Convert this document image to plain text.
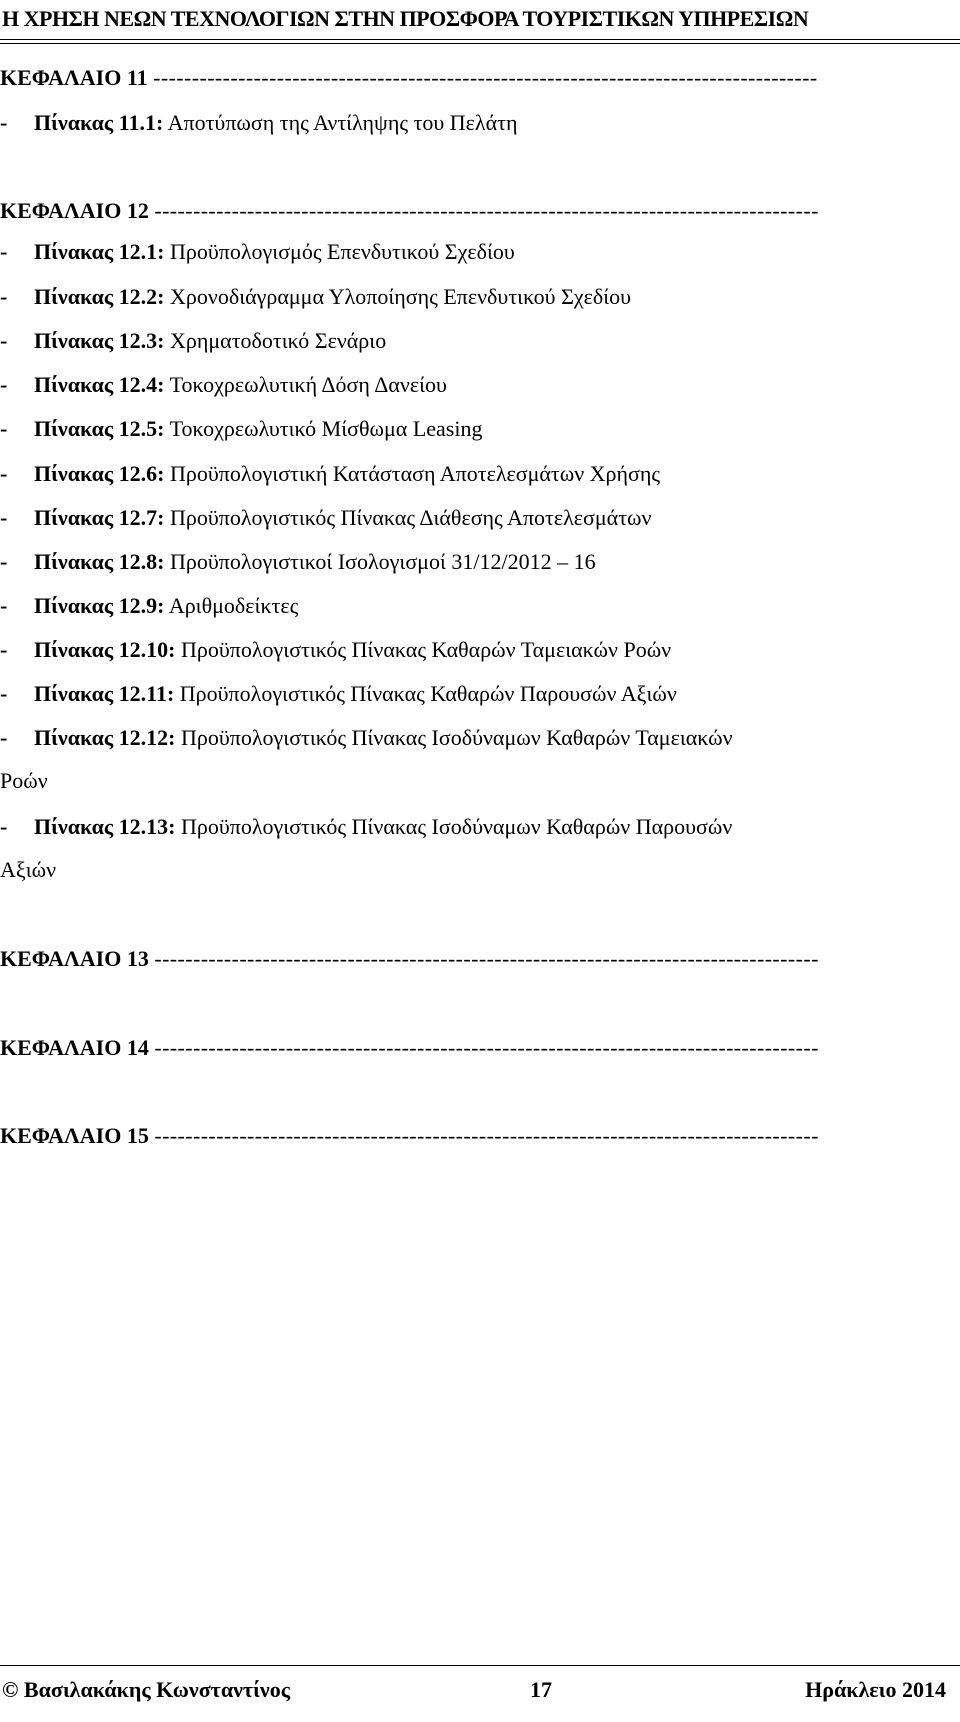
Η ΧΡΗΣΗ ΝΕΩΝ ΤΕΧΝΟΛΟΓΙΩΝ ΣΤΗΝ ΠΡΟΣΦΟΡΑ ΤΟΥΡΙΣΤΙΚΩΝ ΥΠΗΡΕΣΙΩΝ
ΚΕΦΑΛΑΙΟ 11 --------------------------------------------------------------------------------------
- Πίνακας 11.1: Αποτύπωση της Αντίληψης του Πελάτη
ΚΕΦΑΛΑΙΟ 12 --------------------------------------------------------------------------------------
- Πίνακας 12.1: Προϋπολογισμός Επενδυτικού Σχεδίου
- Πίνακας 12.2: Χρονοδιάγραμμα Υλοποίησης Επενδυτικού Σχεδίου
- Πίνακας 12.3: Χρηματοδοτικό Σενάριο
- Πίνακας 12.4: Τοκοχρεωλυτική Δόση Δανείου
- Πίνακας 12.5: Τοκοχρεωλυτικό Μίσθωμα Leasing
- Πίνακας 12.6: Προϋπολογιστική Κατάσταση Αποτελεσμάτων Χρήσης
- Πίνακας 12.7: Προϋπολογιστικός Πίνακας Διάθεσης Αποτελεσμάτων
- Πίνακας 12.8: Προϋπολογιστικοί Ισολογισμοί 31/12/2012 – 16
- Πίνακας 12.9: Αριθμοδείκτες
- Πίνακας 12.10: Προϋπολογιστικός Πίνακας Καθαρών Ταμειακών Ροών
- Πίνακας 12.11: Προϋπολογιστικός Πίνακας Καθαρών Παρουσών Αξιών
- Πίνακας 12.12: Προϋπολογιστικός Πίνακας Ισοδύναμων Καθαρών Ταμειακών
Ροών
- Πίνακας 12.13: Προϋπολογιστικός Πίνακας Ισοδύναμων Καθαρών Παρουσών
Αξιών
ΚΕΦΑΛΑΙΟ 13 --------------------------------------------------------------------------------------
ΚΕΦΑΛΑΙΟ 14 --------------------------------------------------------------------------------------
ΚΕΦΑΛΑΙΟ 15 --------------------------------------------------------------------------------------
© Βασιλακάκης Κωνσταντίνος	17	Ηράκλειο 2014
